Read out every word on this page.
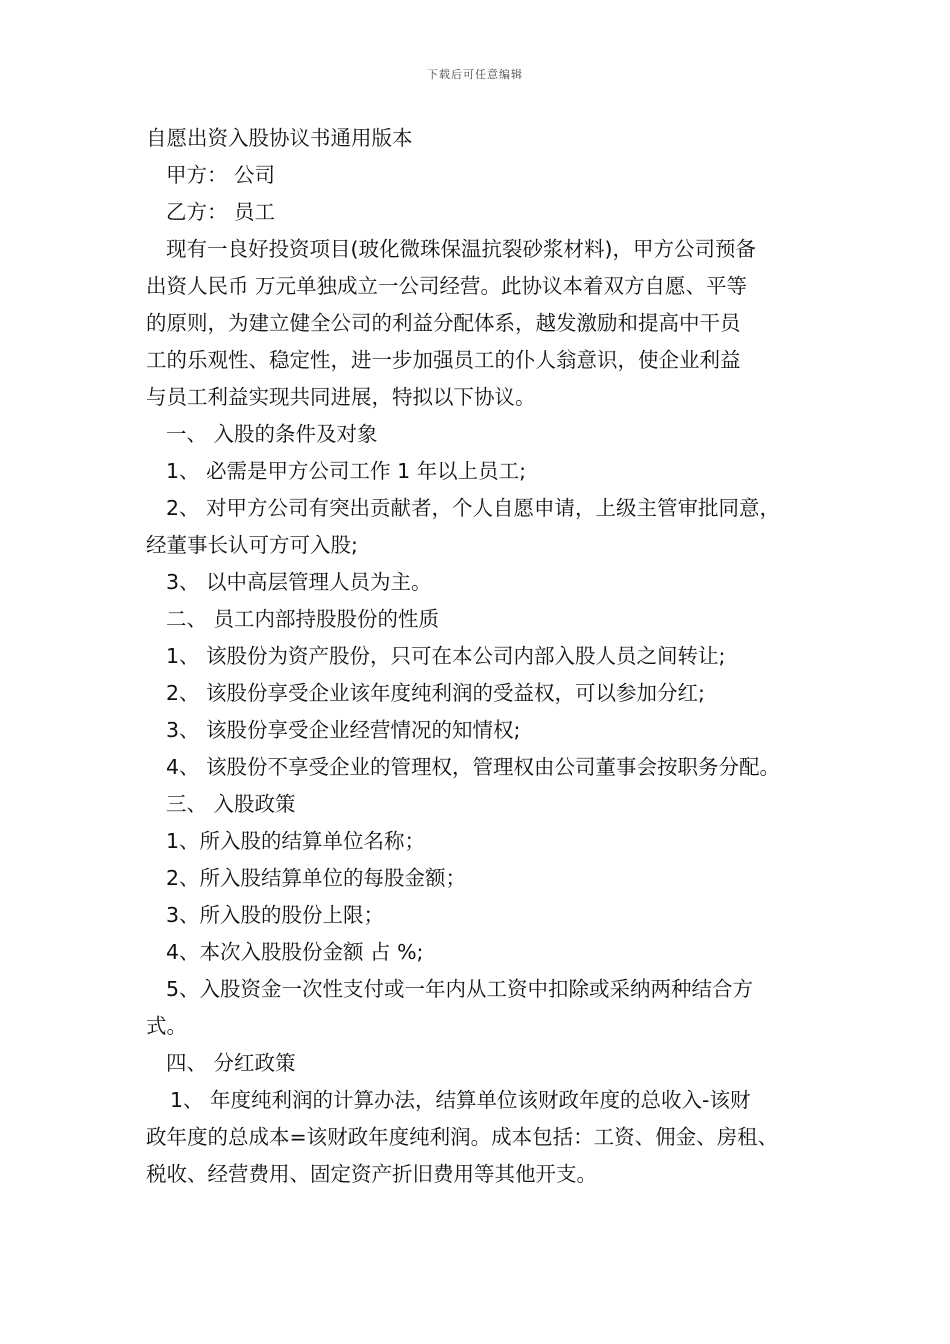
下载后可任意编辑

自愿出资入股协议书通用版本

甲方： 公司

乙方： 员工

现有一良好投资项目(玻化微珠保温抗裂砂浆材料)，甲方公司预备

出资人民币 万元单独成立一公司经营。此协议本着双方自愿、平等

的原则，为建立健全公司的利益分配体系，越发激励和提高中干员

工的乐观性、稳定性，进一步加强员工的仆人翁意识，使企业利益

与员工利益实现共同进展，特拟以下协议。

一、 入股的条件及对象

1、 必需是甲方公司工作 1 年以上员工;

2、 对甲方公司有突出贡献者，个人自愿申请，上级主管审批同意，

经董事长认可方可入股;

3、 以中高层管理人员为主。

二、 员工内部持股股份的性质

1、 该股份为资产股份，只可在本公司内部入股人员之间转让;

2、 该股份享受企业该年度纯利润的受益权，可以参加分红;

3、 该股份享受企业经营情况的知情权;

4、 该股份不享受企业的管理权，管理权由公司董事会按职务分配。

三、 入股政策

1、所入股的结算单位名称；

2、所入股结算单位的每股金额；

3、所入股的股份上限；

4、本次入股股份金额 占 %;

5、入股资金一次性支付或一年内从工资中扣除或采纳两种结合方

式。

四、 分红政策

1、 年度纯利润的计算办法，结算单位该财政年度的总收入-该财

政年度的总成本=该财政年度纯利润。成本包括：工资、佣金、房租、

税收、经营费用、固定资产折旧费用等其他开支。
